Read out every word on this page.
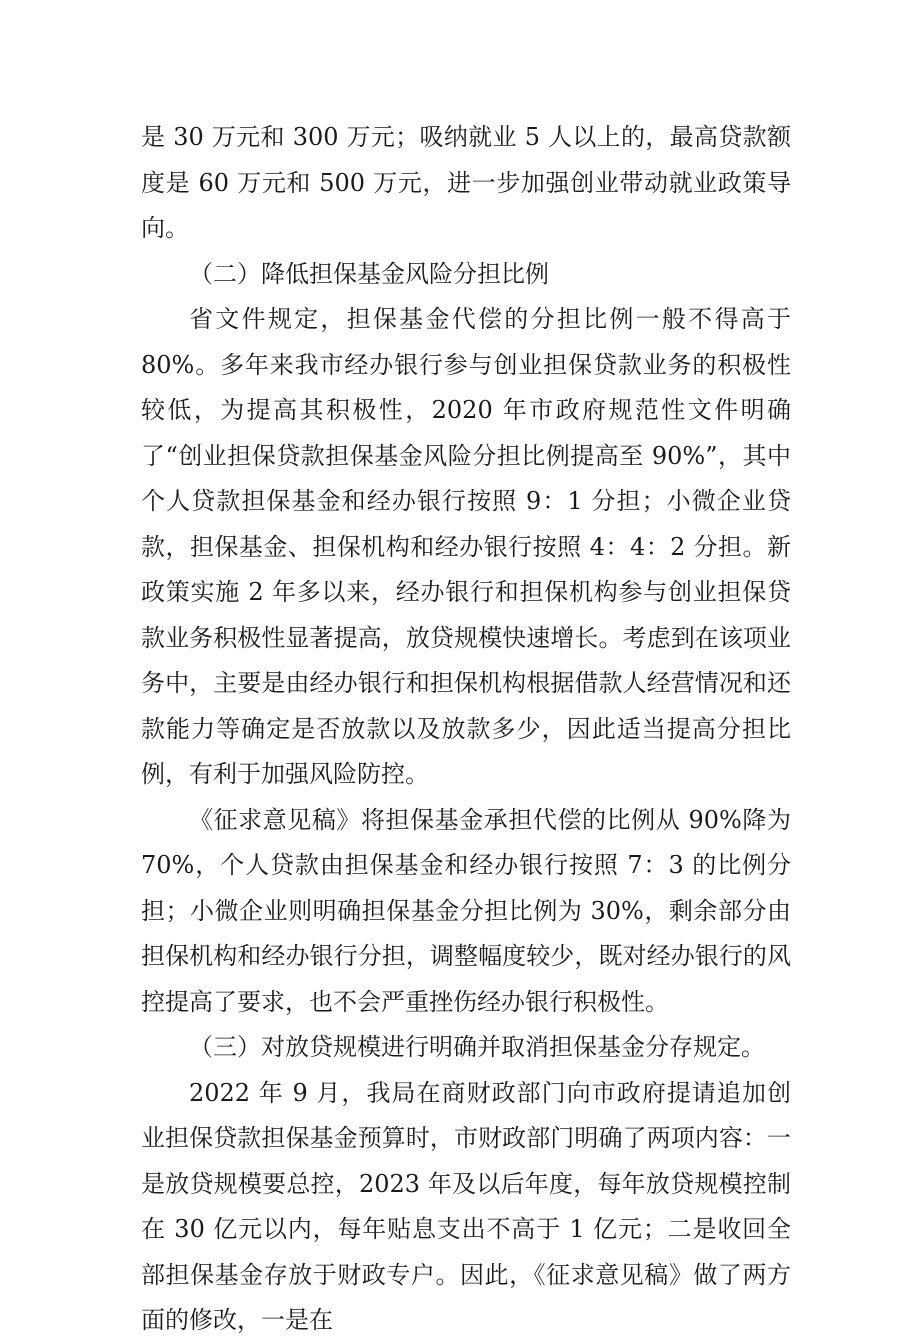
是 30 万元和 300 万元；吸纳就业 5 人以上的，最高贷款额度是 60 万元和 500 万元，进一步加强创业带动就业政策导向。

（二）降低担保基金风险分担比例

省文件规定，担保基金代偿的分担比例一般不得高于 80%。多年来我市经办银行参与创业担保贷款业务的积极性较低，为提高其积极性，2020 年市政府规范性文件明确了“创业担保贷款担保基金风险分担比例提高至 90%”，其中个人贷款担保基金和经办银行按照 9：1 分担；小微企业贷款，担保基金、担保机构和经办银行按照 4：4：2 分担。新政策实施 2 年多以来，经办银行和担保机构参与创业担保贷款业务积极性显著提高，放贷规模快速增长。考虑到在该项业务中，主要是由经办银行和担保机构根据借款人经营情况和还款能力等确定是否放款以及放款多少，因此适当提高分担比例，有利于加强风险防控。

《征求意见稿》将担保基金承担代偿的比例从 90%降为 70%，个人贷款由担保基金和经办银行按照 7：3 的比例分担；小微企业则明确担保基金分担比例为 30%，剩余部分由担保机构和经办银行分担，调整幅度较少，既对经办银行的风控提高了要求，也不会严重挫伤经办银行积极性。

（三）对放贷规模进行明确并取消担保基金分存规定。

2022 年 9 月，我局在商财政部门向市政府提请追加创业担保贷款担保基金预算时，市财政部门明确了两项内容：一是放贷规模要总控，2023 年及以后年度，每年放贷规模控制在 30 亿元以内，每年贴息支出不高于 1 亿元；二是收回全部担保基金存放于财政专户。因此，《征求意见稿》做了两方面的修改，一是在
